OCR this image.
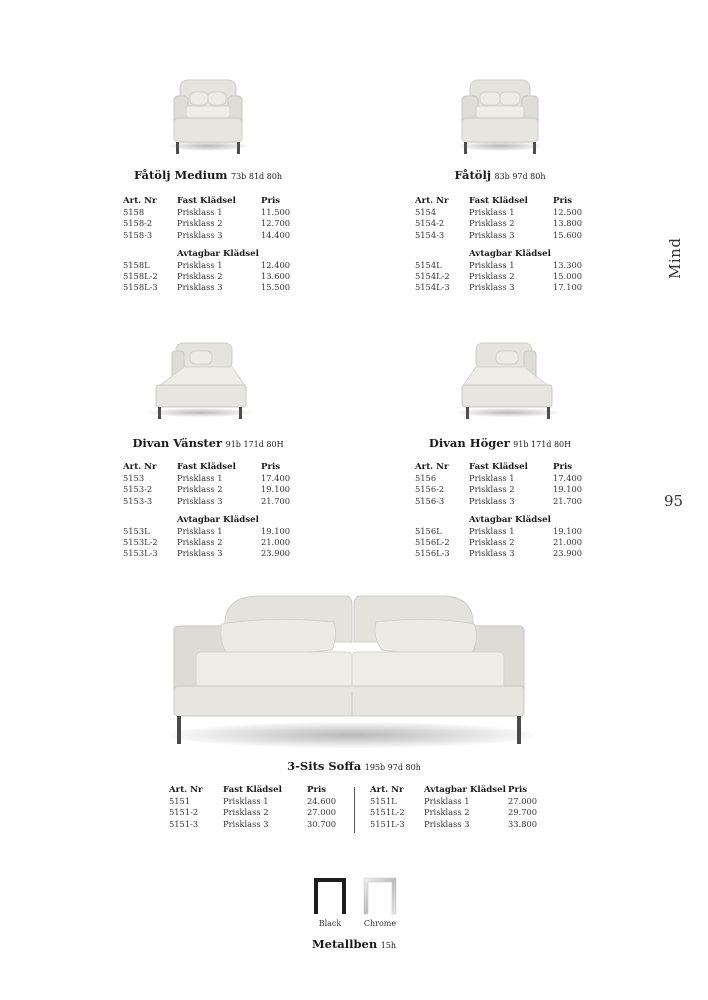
Mind
95
Fåtölj Medium 73b 81d 80h
Art. Nr	Fast Klädsel	Pris
5158	Prisklass 1	11.500
5158-2	Prisklass 2	12.700
5158-3	Prisklass 3	14.400
	Avtagbar Klädsel	
5158L	Prisklass 1	12.400
5158L-2	Prisklass 2	13.600
5158L-3	Prisklass 3	15.500
Fåtölj 83b 97d 80h
Art. Nr	Fast Klädsel	Pris
5154	Prisklass 1	12.500
5154-2	Prisklass 2	13.800
5154-3	Prisklass 3	15.600
	Avtagbar Klädsel	
5154L	Prisklass 1	13.300
5154L-2	Prisklass 2	15.000
5154L-3	Prisklass 3	17.100
Divan Vänster 91b 171d 80H
Art. Nr	Fast Klädsel	Pris
5153	Prisklass 1	17.400
5153-2	Prisklass 2	19.100
5153-3	Prisklass 3	21.700
	Avtagbar Klädsel	
5153L	Prisklass 1	19.100
5153L-2	Prisklass 2	21.000
5153L-3	Prisklass 3	23.900
Divan Höger 91b 171d 80H
Art. Nr	Fast Klädsel	Pris
5156	Prisklass 1	17.400
5156-2	Prisklass 2	19.100
5156-3	Prisklass 3	21.700
	Avtagbar Klädsel	
5156L	Prisklass 1	19.100
5156L-2	Prisklass 2	21.000
5156L-3	Prisklass 3	23.900
3-Sits Soffa 195b 97d 80h
Art. Nr	Fast Klädsel	Pris
5151	Prisklass 1	24.600
5151-2	Prisklass 2	27.000
5151-3	Prisklass 3	30.700
Art. Nr	Avtagbar Klädsel	Pris
5151L	Prisklass 1	27.000
5151L-2	Prisklass 2	29.700
5151L-3	Prisklass 3	33.800
Black	Chrome
Metallben 15h
